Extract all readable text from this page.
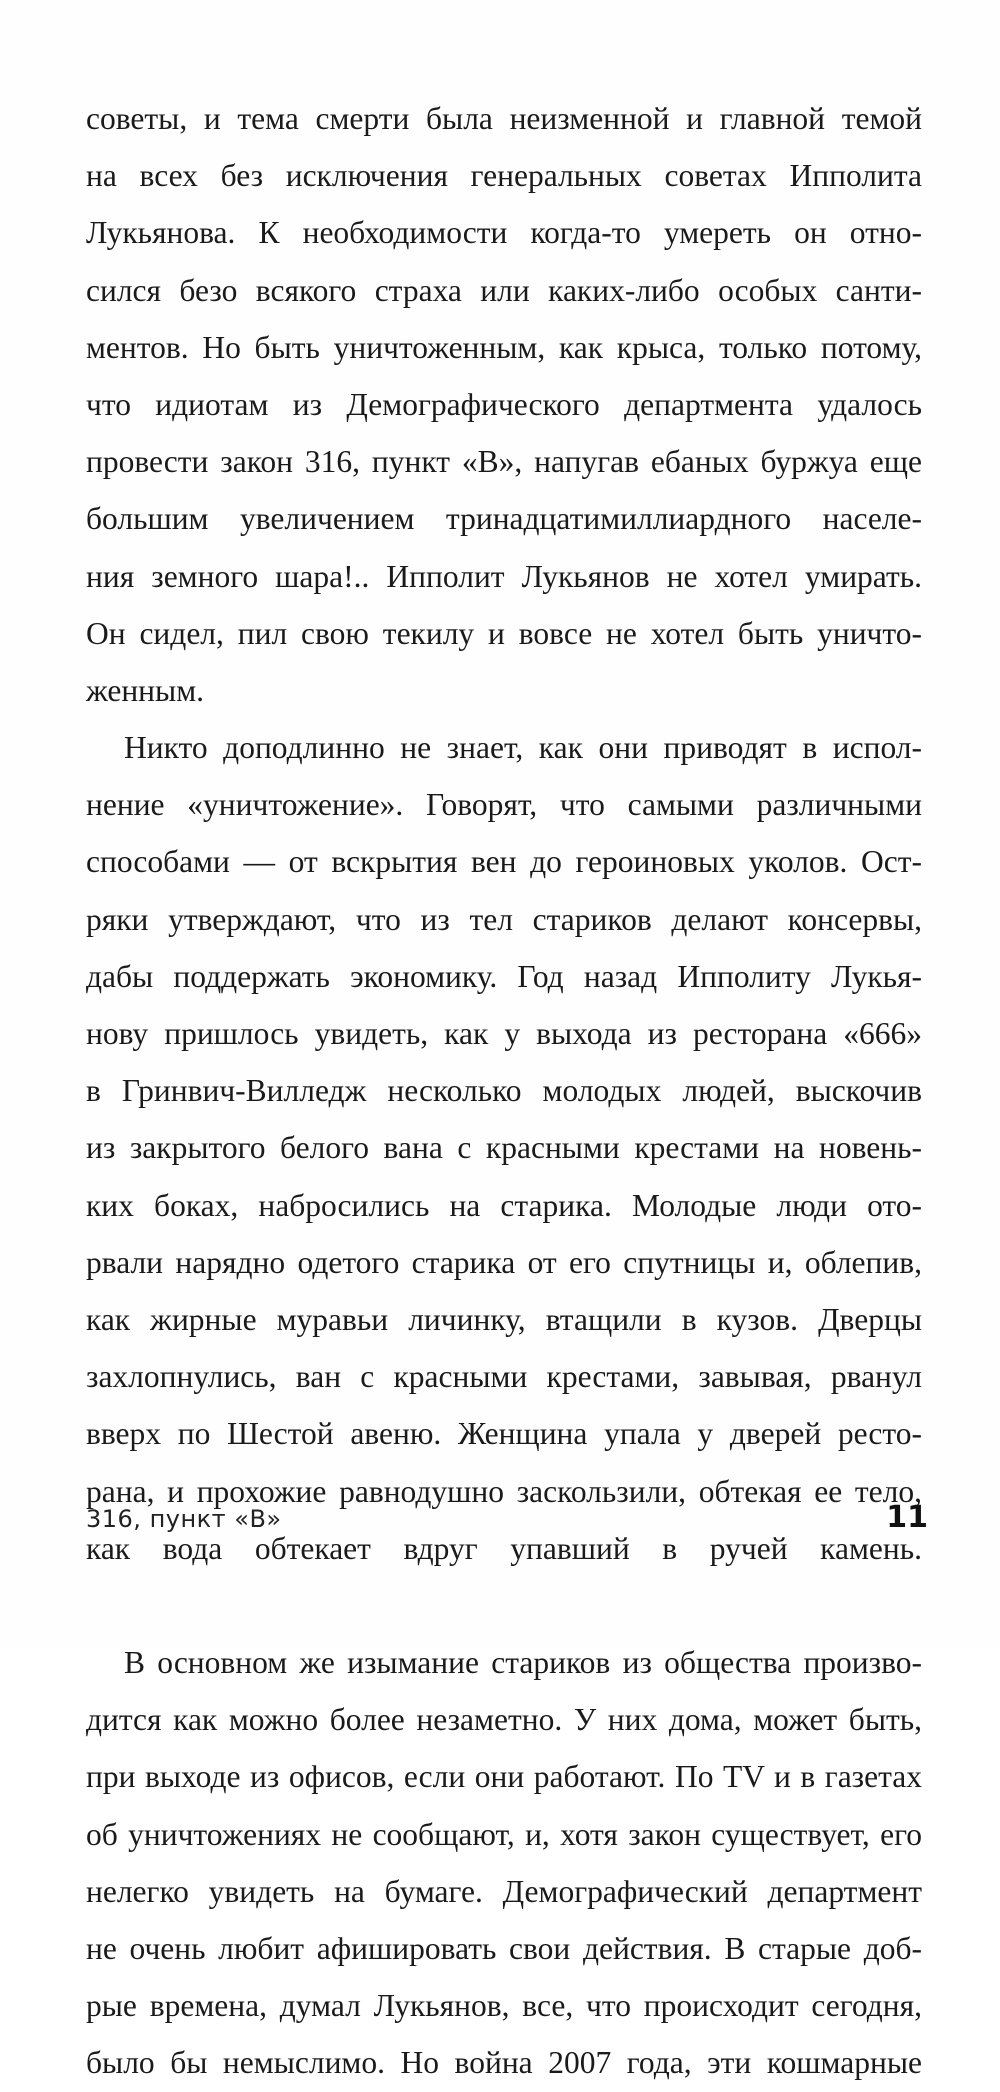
советы, и тема смерти была неизменной и главной темой
на всех без исключения генеральных советах Ипполита
Лукьянова. К необходимости когда-то умереть он отно-
сился безо всякого страха или каких-либо особых санти-
ментов. Но быть уничтоженным, как крыса, только потому,
что идиотам из Демографического департмента удалось
провести закон 316, пункт «В», напугав ебаных буржуа еще
большим увеличением тринадцатимиллиардного населе-
ния земного шара!.. Ипполит Лукьянов не хотел умирать.
Он сидел, пил свою текилу и вовсе не хотел быть уничто-
женным.
Никто доподлинно не знает, как они приводят в испол-
нение «уничтожение». Говорят, что самыми различными
способами — от вскрытия вен до героиновых уколов. Ост-
ряки утверждают, что из тел стариков делают консервы,
дабы поддержать экономику. Год назад Ипполиту Лукья-
нову пришлось увидеть, как у выхода из ресторана «666»
в Гринвич-Вилледж несколько молодых людей, выскочив
из закрытого белого вана с красными крестами на новень-
ких боках, набросились на старика. Молодые люди ото-
рвали нарядно одетого старика от его спутницы и, облепив,
как жирные муравьи личинку, втащили в кузов. Дверцы
захлопнулись, ван с красными крестами, завывая, рванул
вверх по Шестой авеню. Женщина упала у дверей ресто-
рана, и прохожие равнодушно заскользили, обтекая ее тело,
как вода обтекает вдруг упавший в ручей камень.
В основном же изымание стариков из общества произво-
дится как можно более незаметно. У них дома, может быть,
при выходе из офисов, если они работают. По TV и в газетах
об уничтожениях не сообщают, и, хотя закон существует, его
нелегко увидеть на бумаге. Демографический департмент
не очень любит афишировать свои действия. В старые доб-
рые времена, думал Лукьянов, все, что происходит сегодня,
было бы немыслимо. Но война 2007 года, эти кошмарные
316, пункт «В»	11
